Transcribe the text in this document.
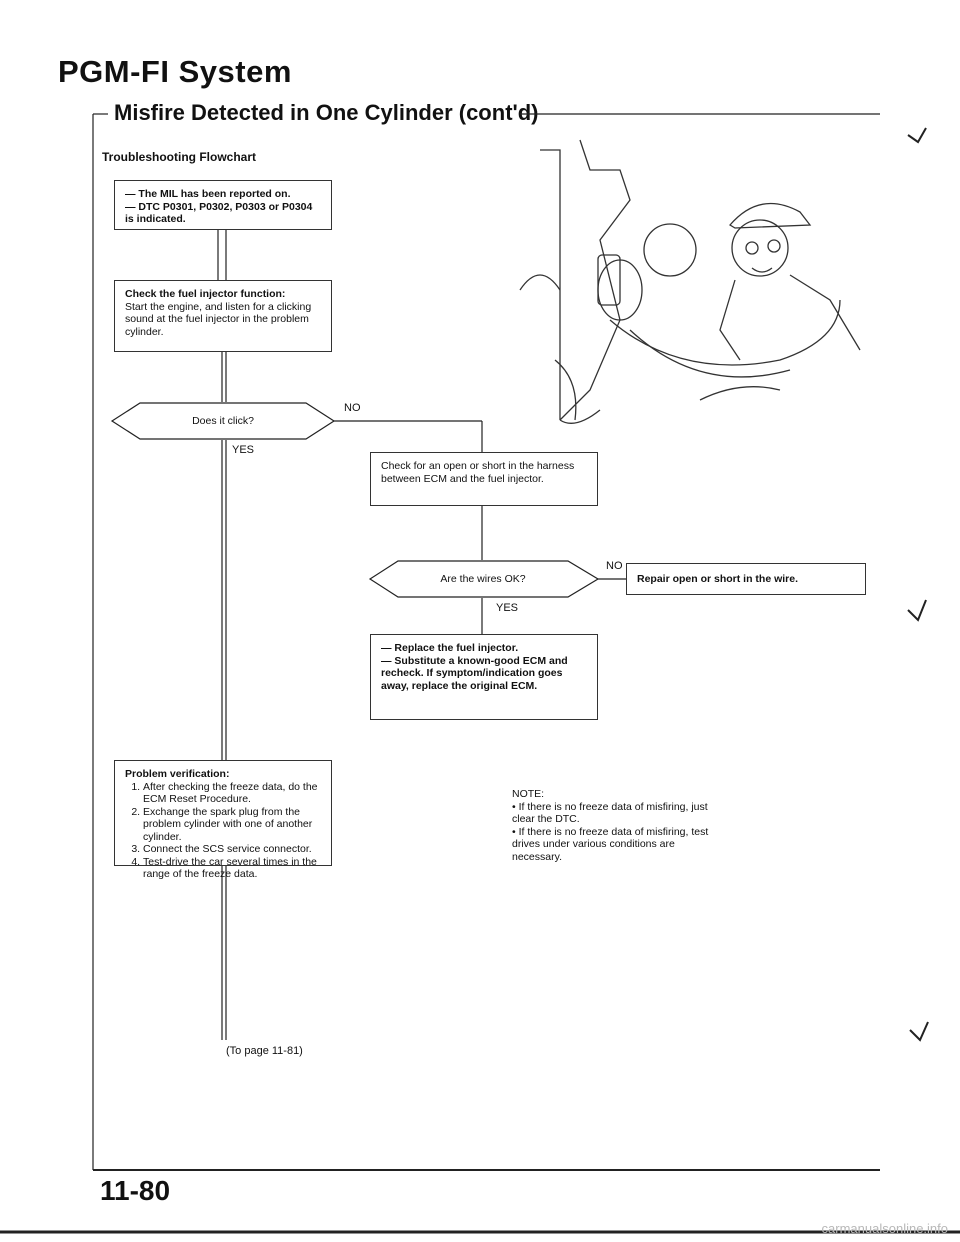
PGM-FI System
Misfire Detected in One Cylinder (cont'd)
Troubleshooting Flowchart
— The MIL has been reported on.
— DTC P0301, P0302, P0303 or P0304 is indicated.
Check the fuel injector function:
Start the engine, and listen for a clicking sound at the fuel injector in the problem cylinder.
Does it click?
NO
YES
Check for an open or short in the harness between ECM and the fuel injector.
Are the wires OK?
NO
YES
Repair open or short in the wire.
— Replace the fuel injector.
— Substitute a known-good ECM and recheck. If symptom/indication goes away, replace the original ECM.
Problem verification:
1. After checking the freeze data, do the ECM Reset Procedure.
2. Exchange the spark plug from the problem cylinder with one of another cylinder.
3. Connect the SCS service connector.
4. Test-drive the car several times in the range of the freeze data.
NOTE:
• If there is no freeze data of misfiring, just clear the DTC.
• If there is no freeze data of misfiring, test drives under various conditions are necessary.
(To page 11-81)
11-80
carmanualsonline.info
